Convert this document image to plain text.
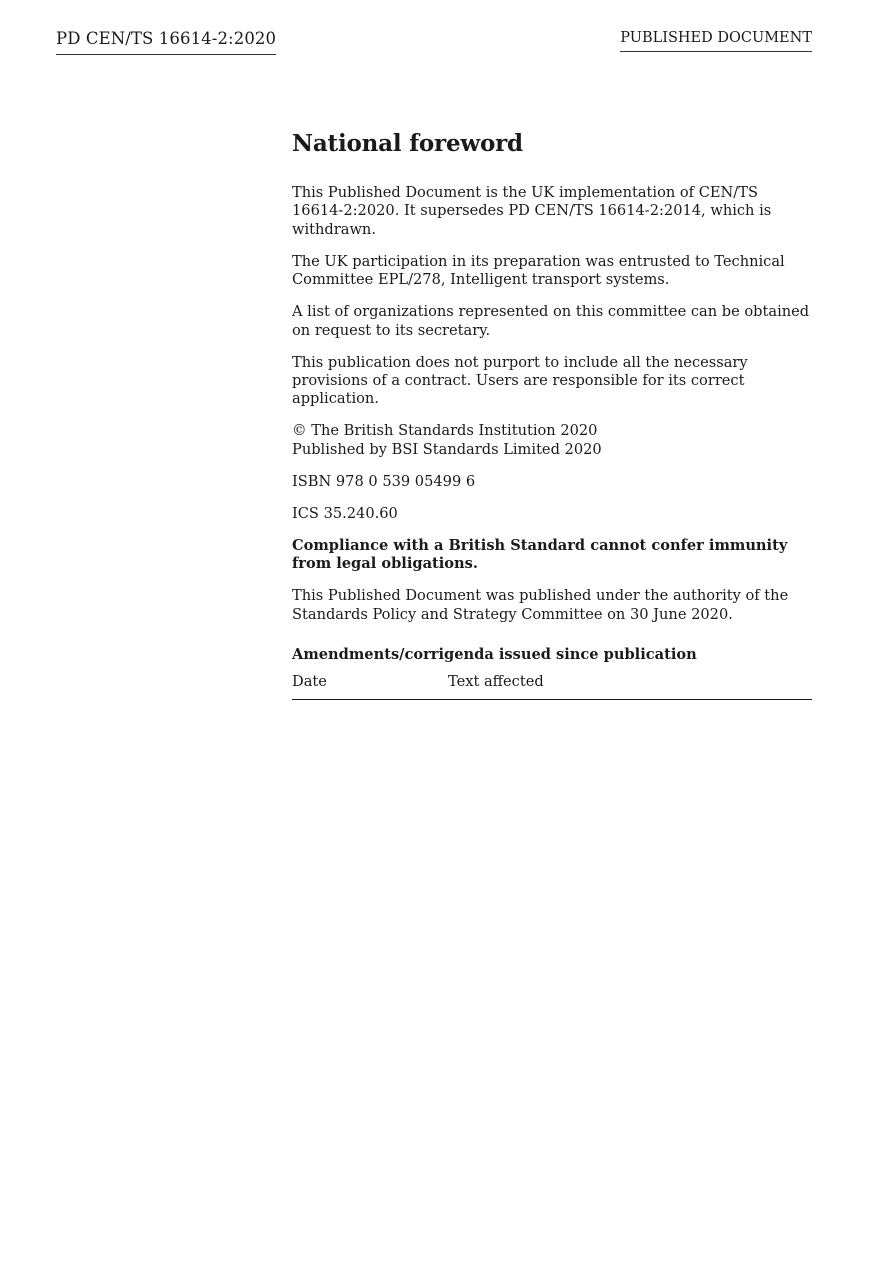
PD CEN/TS 16614-2:2020	PUBLISHED DOCUMENT
National foreword

This Published Document is the UK implementation of CEN/TS 16614-2:2020. It supersedes PD CEN/TS 16614-2:2014, which is withdrawn.

The UK participation in its preparation was entrusted to Technical Committee EPL/278, Intelligent transport systems.

A list of organizations represented on this committee can be obtained on request to its secretary.

This publication does not purport to include all the necessary provisions of a contract. Users are responsible for its correct application.

© The British Standards Institution 2020
Published by BSI Standards Limited 2020

ISBN 978 0 539 05499 6

ICS 35.240.60

Compliance with a British Standard cannot confer immunity from legal obligations.

This Published Document was published under the authority of the Standards Policy and Strategy Committee on 30 June 2020.

Amendments/corrigenda issued since publication
Date	Text affected
